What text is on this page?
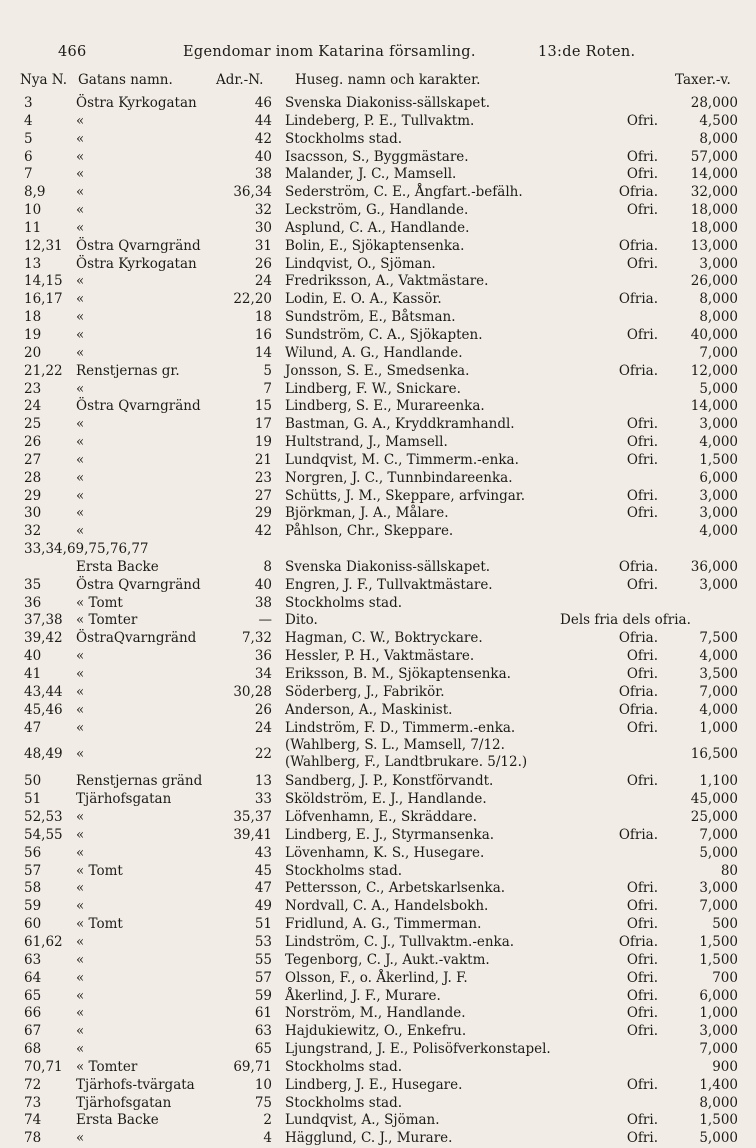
466	Egendomar inom Katarina församling.	13:de Roten.
Nya N. Gatans namn.	Adr.-N. Huseg. namn och karakter.	Taxer.-v.
3	Östra Kyrkogatan	46 Svenska Diakoniss-sällskapet.	28,000
4	«	44 Lindeberg, P. E., Tullvaktm.	Ofri.	4,500
5	«	42 Stockholms stad.	8,000
6	«	40 Isacsson, S., Byggmästare.	Ofri.	57,000
7	«	38 Malander, J. C., Mamsell.	Ofri.	14,000
8,9 «	36,34 Sederström, C. E., Ångfart.-befälh.	Ofria.	32,000
10	«	32 Leckström, G., Handlande.	Ofri.	18,000
11	«	30 Asplund, C. A., Handlande.	18,000
12,31 Östra Qvarngränd	31 Bolin, E., Sjökaptensenka.	Ofria.	13,000
13	Östra Kyrkogatan	26 Lindqvist, O., Sjöman.	Ofri.	3,000
14,15 «	24 Fredriksson, A., Vaktmästare.	26,000
16,17 «	22,20 Lodin, E. O. A., Kassör.	Ofria.	8,000
18	«	18 Sundström, E., Båtsman.	8,000
19	«	16 Sundström, C. A., Sjökapten.	Ofri.	40,000
20	«	14 Wilund, A. G., Handlande.	7,000
21,22 Renstjernas gr.	5 Jonsson, S. E., Smedsenka.	Ofria.	12,000
23	«	7 Lindberg, F. W., Snickare.	5,000
24	Östra Qvarngränd	15 Lindberg, S. E., Murareenka.	14,000
25	«	17 Bastman, G. A., Kryddkramhandl.	Ofri.	3,000
26	«	19 Hultstrand, J., Mamsell.	Ofri.	4,000
27	«	21 Lundqvist, M. C., Timmerm.-enka.	Ofri.	1,500
28	«	23 Norgren, J. C., Tunnbindareenka.	6,000
29	«	27 Schütts, J. M., Skeppare, arfvingar.	Ofri.	3,000
30	«	29 Björkman, J. A., Målare.	Ofri.	3,000
32	«	42 Påhlson, Chr., Skeppare.	4,000
33,34,69,75,76,77
Ersta Backe	8 Svenska Diakoniss-sällskapet.	Ofria.	36,000
35	Östra Qvarngränd	40 Engren, J. F., Tullvaktmästare.	Ofri.	3,000
36	« Tomt	38 Stockholms stad.
37,38 « Tomter	— Dito.	Dels fria dels ofria.
39,42 ÖstraQvarngränd	7,32 Hagman, C. W., Boktryckare.	Ofria.	7,500
40	«	36 Hessler, P. H., Vaktmästare.	Ofri.	4,000
41	«	34 Eriksson, B. M., Sjökaptensenka.	Ofri.	3,500
43,44 «	30,28 Söderberg, J., Fabrikör.	Ofria.	7,000
45,46 «	26 Anderson, A., Maskinist.	Ofria.	4,000
47	«	24 Lindström, F. D., Timmerm.-enka.	Ofri.	1,000
48,49 «	22
(Wahlberg, S. L., Mamsell, 7/12.
(Wahlberg, F., Landtbrukare. 5/12.)	16,500
50	Renstjernas gränd	13 Sandberg, J. P., Konstförvandt.	Ofri.	1,100
51	Tjärhofsgatan	33 Sköldström, E. J., Handlande.	45,000
52,53 «	35,37 Löfvenhamn, E., Skräddare.	25,000
54,55 «	39,41 Lindberg, E. J., Styrmansenka.	Ofria.	7,000
56	«	43 Lövenhamn, K. S., Husegare.	5,000
57	« Tomt	45 Stockholms stad.	80
58	«	47 Pettersson, C., Arbetskarlsenka.	Ofri.	3,000
59	«	49 Nordvall, C. A., Handelsbokh.	Ofri.	7,000
60	« Tomt	51 Fridlund, A. G., Timmerman.	Ofri.	500
61,62 «	53 Lindström, C. J., Tullvaktm.-enka.	Ofria.	1,500
63	«	55 Tegenborg, C. J., Aukt.-vaktm.	Ofri.	1,500
64	«	57 Olsson, F., o. Åkerlind, J. F.	Ofri.	700
65	«	59 Åkerlind, J. F., Murare.	Ofri.	6,000
66	«	61 Norström, M., Handlande.	Ofri.	1,000
67	«	63 Hajdukiewitz, O., Enkefru.	Ofri.	3,000
68	«	65 Ljungstrand, J. E., Polisöfverkonstapel.	7,000
70,71 « Tomter	69,71 Stockholms stad.	900
72	Tjärhofs-tvärgata	10 Lindberg, J. E., Husegare.	Ofri.	1,400
73	Tjärhofsgatan	75 Stockholms stad.	8,000
74	Ersta Backe	2 Lundqvist, A., Sjöman.	Ofri.	1,500
78	«	4 Hägglund, C. J., Murare.	Ofri.	5,000
